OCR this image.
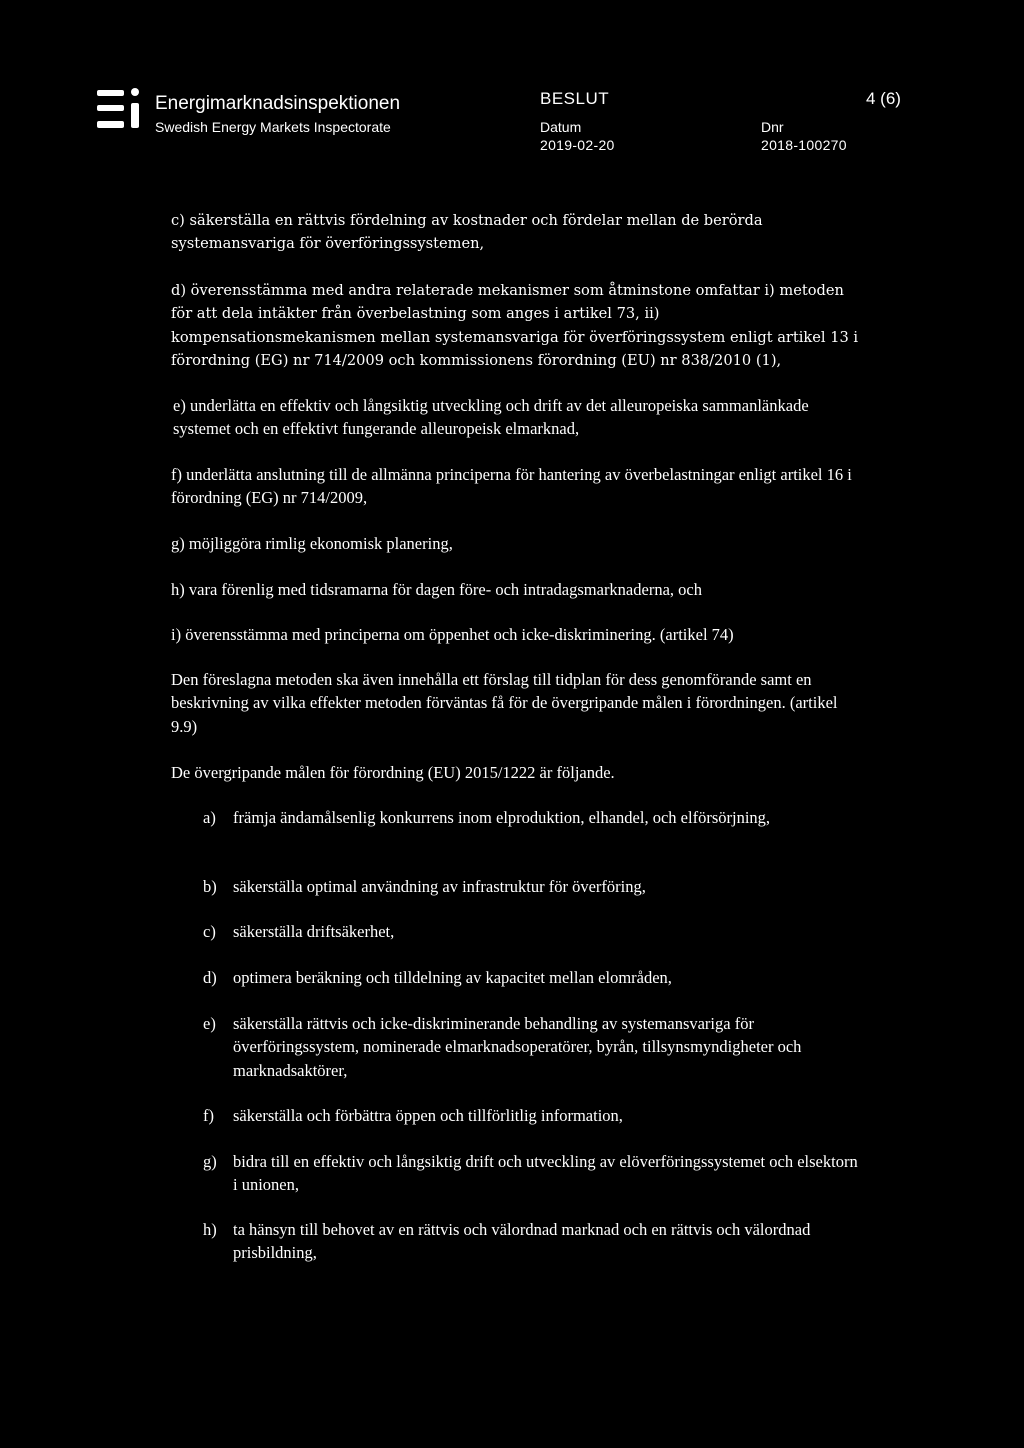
Energimarknadsinspektionen
Swedish Energy Markets Inspectorate
BESLUT	4 (6)
Datum
2019-02-20
Dnr
2018-100270

c) säkerställa en rättvis fördelning av kostnader och fördelar mellan de berörda systemansvariga för överföringssystemen,

d) överensstämma med andra relaterade mekanismer som åtminstone omfattar i) metoden för att dela intäkter från överbelastning som anges i artikel 73, ii) kompensationsmekanismen mellan systemansvariga för överföringssystem enligt artikel 13 i förordning (EG) nr 714/2009 och kommissionens förordning (EU) nr 838/2010 (1),

e) underlätta en effektiv och långsiktig utveckling och drift av det alleuropeiska sammanlänkade systemet och en effektivt fungerande alleuropeisk elmarknad,

f) underlätta anslutning till de allmänna principerna för hantering av överbelastningar enligt artikel 16 i förordning (EG) nr 714/2009,

g) möjliggöra rimlig ekonomisk planering,

h) vara förenlig med tidsramarna för dagen före- och intradagsmarknaderna, och

i) överensstämma med principerna om öppenhet och icke-diskriminering. (artikel 74)

Den föreslagna metoden ska även innehålla ett förslag till tidplan för dess genomförande samt en beskrivning av vilka effekter metoden förväntas få för de övergripande målen i förordningen. (artikel 9.9)

De övergripande målen för förordning (EU) 2015/1222 är följande.

a) främja ändamålsenlig konkurrens inom elproduktion, elhandel, och elförsörjning,
b) säkerställa optimal användning av infrastruktur för överföring,
c) säkerställa driftsäkerhet,
d) optimera beräkning och tilldelning av kapacitet mellan elområden,
e) säkerställa rättvis och icke-diskriminerande behandling av systemansvariga för överföringssystem, nominerade elmarknadsoperatörer, byrån, tillsynsmyndigheter och marknadsaktörer,
f) säkerställa och förbättra öppen och tillförlitlig information,
g) bidra till en effektiv och långsiktig drift och utveckling av elöverföringssystemet och elsektorn i unionen,
h) ta hänsyn till behovet av en rättvis och välordnad marknad och en rättvis och välordnad prisbildning,
